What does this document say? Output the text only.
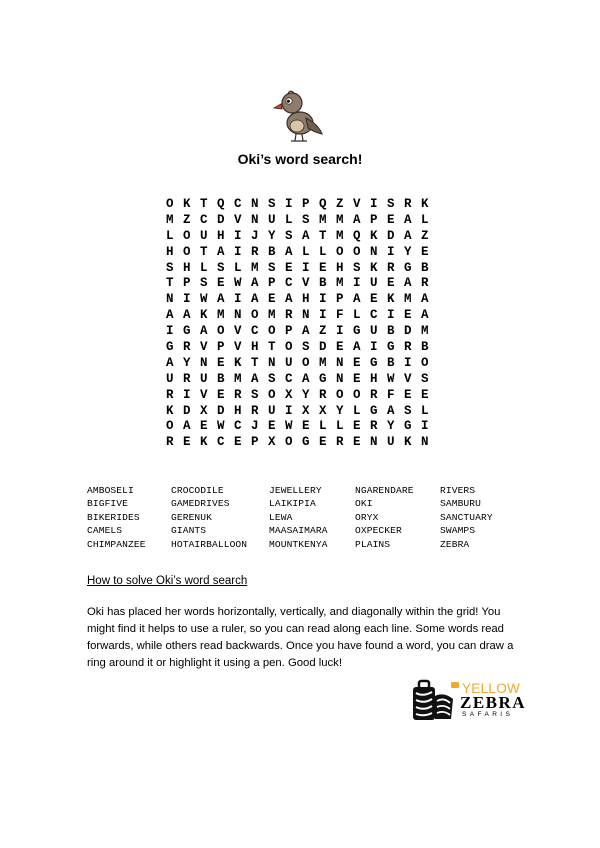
Oki’s word search!
O K T Q C N S I P Q Z V I S R K
M Z C D V N U L S M M A P E A L
L O U H I J Y S A T M Q K D A Z
H O T A I R B A L L O O N I Y E
S H L S L M S E I E H S K R G B
T P S E W A P C V B M I U E A R
N I W A I A E A H I P A E K M A
A A K M N O M R N I F L C I E A
I G A O V C O P A Z I G U B D M
G R V P V H T O S D E A I G R B
A Y N E K T N U O M N E G B I O
U R U B M A S C A G N E H W V S
R I V E R S O X Y R O O R F E E
K D X D H R U I X X Y L G A S L
O A E W C J E W E L L E R Y G I
R E K C E P X O G E R E N U K N
AMBOSELI	CROCODILE	JEWELLERY	NGARENDARE	RIVERS
BIGFIVE	GAMEDRIVES	LAIKIPIA	OKI	SAMBURU
BIKERIDES	GERENUK	LEWA	ORYX	SANCTUARY
CAMELS	GIANTS	MAASAIMARA	OXPECKER	SWAMPS
CHIMPANZEE	HOTAIRBALLOON	MOUNTKENYA	PLAINS	ZEBRA
How to solve Oki’s word search

Oki has placed her words horizontally, vertically, and diagonally within the grid! You might find it helps to use a ruler, so you can read along each line. Some words read forwards, while others read backwards. Once you have found a word, you can draw a ring around it or highlight it using a pen. Good luck!

YELLOW
ZEBRA
SAFARIS
